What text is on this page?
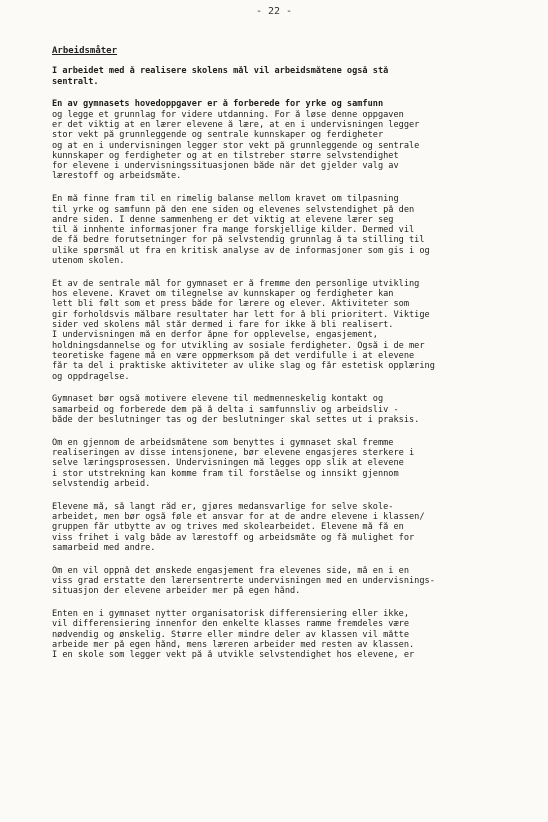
- 22 -
Arbeidsmåter
I arbeidet med å realisere skolens mål vil arbeidsmåtene også stå
sentralt.
En av gymnasets hovedoppgaver er å forberede for yrke og samfunn
og legge et grunnlag for videre utdanning. For å løse denne oppgaven
er det viktig at en lærer elevene å lære, at en i undervisningen legger
stor vekt på grunnleggende og sentrale kunnskaper og ferdigheter
og at en i undervisningen legger stor vekt på grunnleggende og sentrale
kunnskaper og ferdigheter og at en tilstreber større selvstendighet
for elevene i undervisningssituasjonen både når det gjelder valg av
lærestoff og arbeidsmåte.
En må finne fram til en rimelig balanse mellom kravet om tilpasning
til yrke og samfunn på den ene siden og elevenes selvstendighet på den
andre siden. I denne sammenheng er det viktig at elevene lærer seg
til å innhente informasjoner fra mange forskjellige kilder. Dermed vil
de få bedre forutsetninger for på selvstendig grunnlag å ta stilling til
ulike spørsmål ut fra en kritisk analyse av de informasjoner som gis i og
utenom skolen.
Et av de sentrale mål for gymnaset er å fremme den personlige utvikling
hos elevene. Kravet om tilegnelse av kunnskaper og ferdigheter kan
lett bli følt som et press både for lærere og elever. Aktiviteter som
gir forholdsvis målbare resultater har lett for å bli prioritert. Viktige
sider ved skolens mål står dermed i fare for ikke å bli realisert.
I undervisningen må en derfor åpne for opplevelse, engasjement,
holdningsdannelse og for utvikling av sosiale ferdigheter. Også i de mer
teoretiske fagene må en være oppmerksom på det verdifulle i at elevene
får ta del i praktiske aktiviteter av ulike slag og får estetisk opplæring
og oppdragelse.
Gymnaset bør også motivere elevene til medmenneskelig kontakt og
samarbeid og forberede dem på å delta i samfunnsliv og arbeidsliv -
både der beslutninger tas og der beslutninger skal settes ut i praksis.
Om en gjennom de arbeidsmåtene som benyttes i gymnaset skal fremme
realiseringen av disse intensjonene, bør elevene engasjeres sterkere i
selve læringsprosessen. Undervisningen må legges opp slik at elevene
i stor utstrekning kan komme fram til forståelse og innsikt gjennom
selvstendig arbeid.
Elevene må, så langt råd er, gjøres medansvarlige for selve skole-
arbeidet, men bør også føle et ansvar for at de andre elevene i klassen/
gruppen får utbytte av og trives med skolearbeidet. Elevene må få en
viss frihet i valg både av lærestoff og arbeidsmåte og få mulighet for
samarbeid med andre.
Om en vil oppnå det ønskede engasjement fra elevenes side, må en i en
viss grad erstatte den lærersentrerte undervisningen med en undervisnings-
situasjon der elevene arbeider mer på egen hånd.
Enten en i gymnaset nytter organisatorisk differensiering eller ikke,
vil differensiering innenfor den enkelte klasses ramme fremdeles være
nødvendig og ønskelig. Større eller mindre deler av klassen vil måtte
arbeide mer på egen hånd, mens læreren arbeider med resten av klassen.
I en skole som legger vekt på å utvikle selvstendighet hos elevene, er
